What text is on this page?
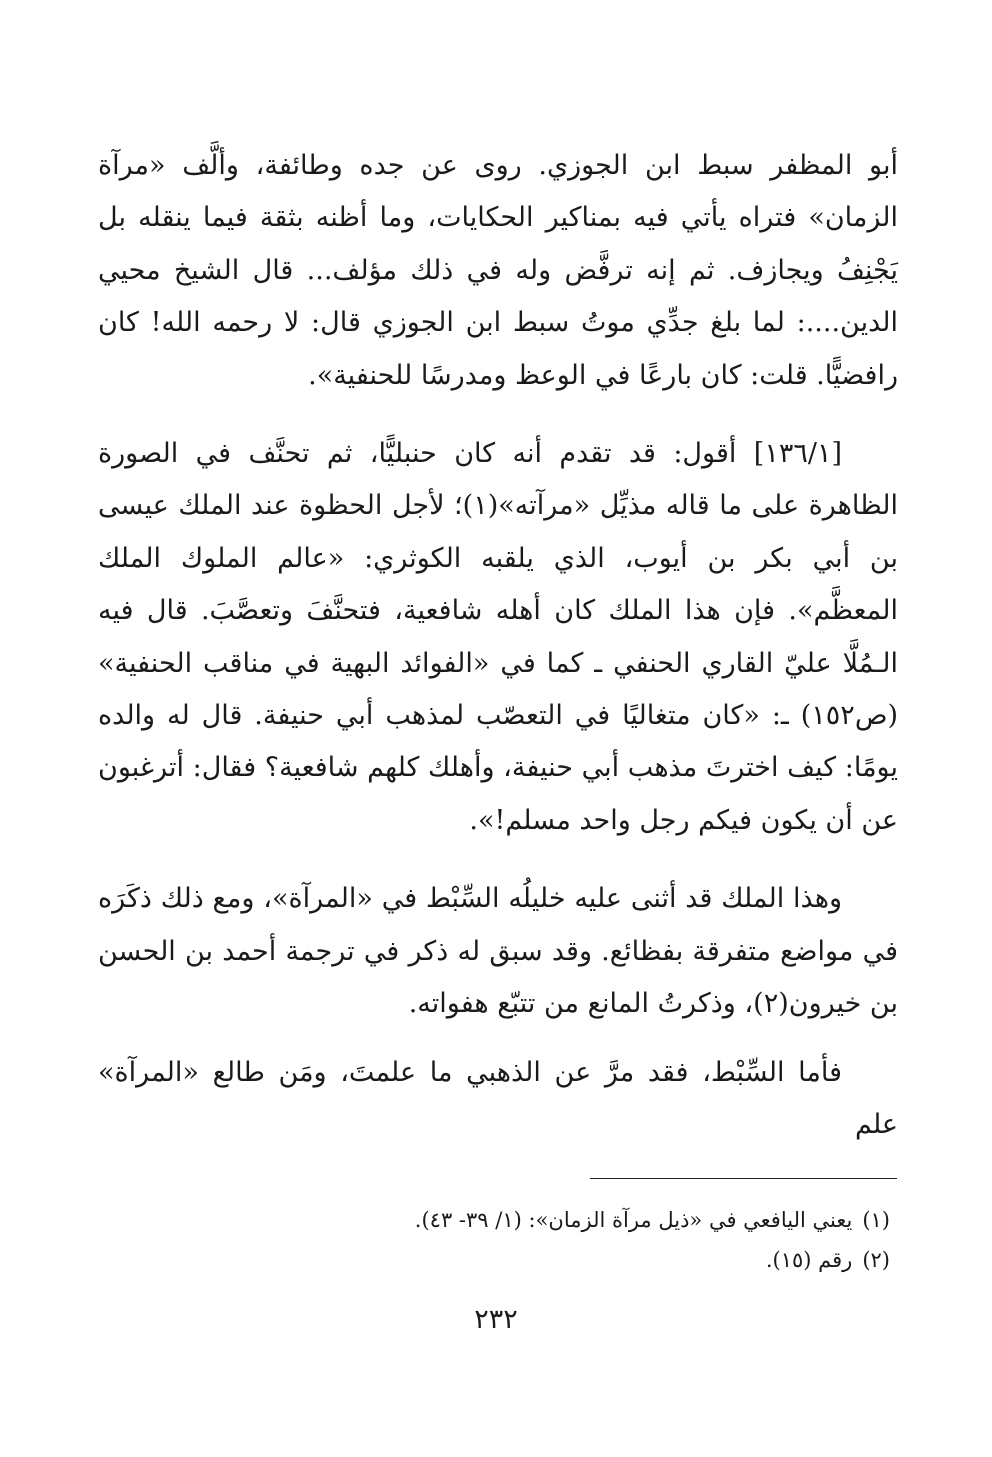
أبو المظفر سبط ابن الجوزي. روى عن جده وطائفة، وألَّف «مرآة الزمان» فتراه يأتي فيه بمناكير الحكايات، وما أظنه بثقة فيما ينقله بل يَجْنِفُ ويجازف. ثم إنه ترفَّض وله في ذلك مؤلف... قال الشيخ محيي الدين....: لما بلغ جدِّي موتُ سبط ابن الجوزي قال: لا رحمه الله! كان رافضيًّا. قلت: كان بارعًا في الوعظ ومدرسًا للحنفية».

[١٣٦/١] أقول: قد تقدم أنه كان حنبليًّا، ثم تحنَّف في الصورة الظاهرة على ما قاله مذيِّل «مرآته»(١)؛ لأجل الحظوة عند الملك عيسى بن أبي بكر بن أيوب، الذي يلقبه الكوثري: «عالم الملوك الملك المعظَّم». فإن هذا الملك كان أهله شافعية، فتحنَّفَ وتعصَّبَ. قال فيه الـمُلَّا عليّ القاري الحنفي ـ كما في «الفوائد البهية في مناقب الحنفية» (ص١٥٢) ـ: «كان متغاليًا في التعصّب لمذهب أبي حنيفة. قال له والده يومًا: كيف اخترتَ مذهب أبي حنيفة، وأهلك كلهم شافعية؟ فقال: أترغبون عن أن يكون فيكم رجل واحد مسلم!».

وهذا الملك قد أثنى عليه خليلُه السِّبْط في «المرآة»، ومع ذلك ذكَرَه في مواضع متفرقة بفظائع. وقد سبق له ذكر في ترجمة أحمد بن الحسن بن خيرون(٢)، وذكرتُ المانع من تتبّع هفواته.

فأما السِّبْط، فقد مرَّ عن الذهبي ما علمتَ، ومَن طالع «المرآة» علم

(١)يعني اليافعي في «ذيل مرآة الزمان»: (١/ ٣٩- ٤٣).

(٢)رقم (١٥).

٢٣٢
